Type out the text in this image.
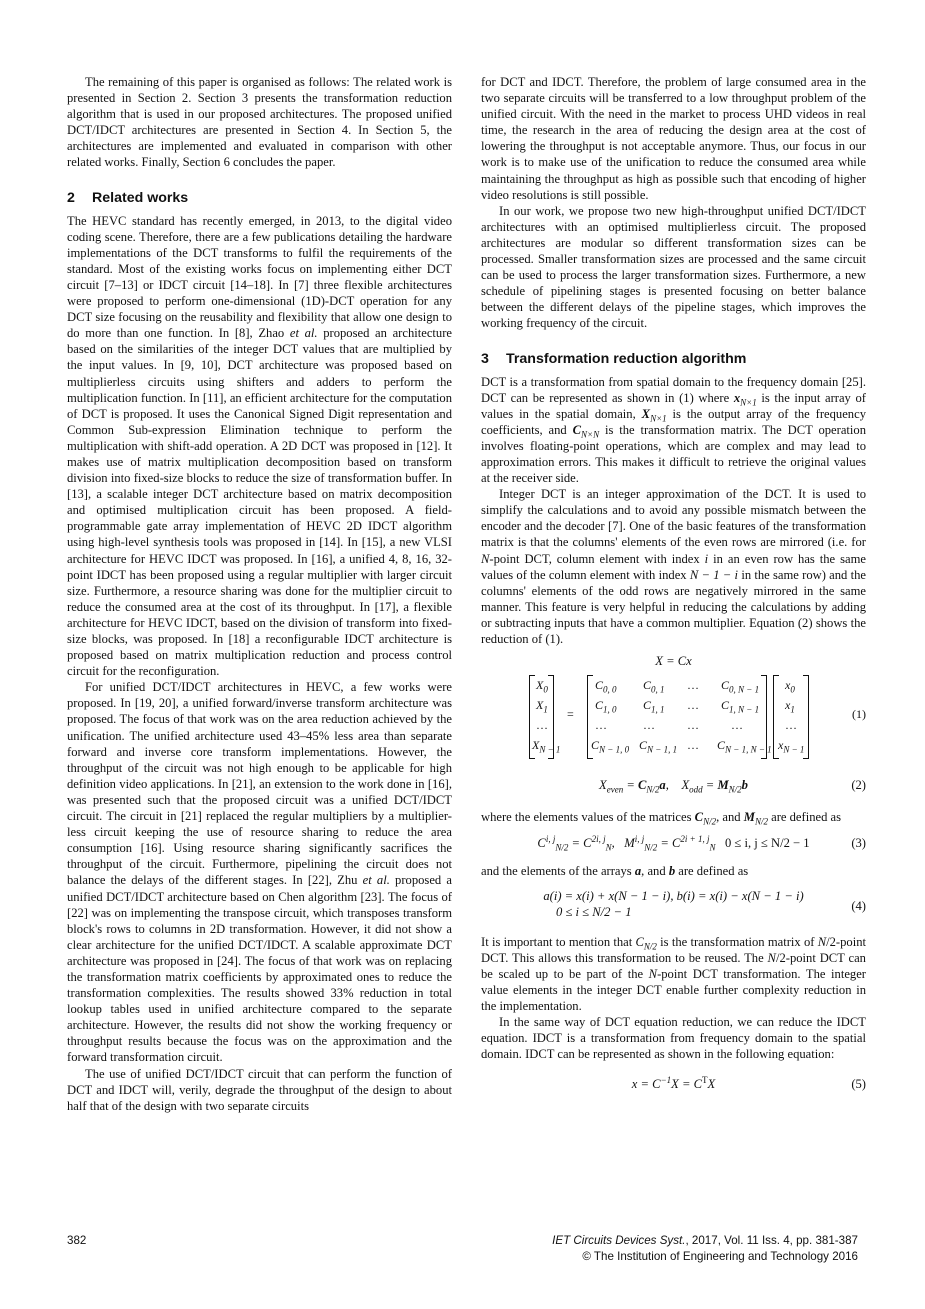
The remaining of this paper is organised as follows: The related work is presented in Section 2. Section 3 presents the transformation reduction algorithm that is used in our proposed architectures. The proposed unified DCT/IDCT architectures are presented in Section 4. In Section 5, the architectures are implemented and evaluated in comparison with other related works. Finally, Section 6 concludes the paper.

2 Related works

The HEVC standard has recently emerged, in 2013, to the digital video coding scene. Therefore, there are a few publications detailing the hardware implementations of the DCT transforms to fulfil the requirements of the standard. Most of the existing works focus on implementing either DCT circuit [7–13] or IDCT circuit [14–18]. In [7] three flexible architectures were proposed to perform one-dimensional (1D)-DCT operation for any DCT size focusing on the reusability and flexibility that allow one design to do more than one function. In [8], Zhao et al. proposed an architecture based on the similarities of the integer DCT values that are multiplied by the input values. In [9, 10], DCT architecture was proposed based on multiplierless circuits using shifters and adders to perform the multiplication function. In [11], an efficient architecture for the computation of DCT is proposed. It uses the Canonical Signed Digit representation and Common Sub-expression Elimination technique to perform the multiplication with shift-add operation. A 2D DCT was proposed in [12]. It makes use of matrix multiplication decomposition based on transform division into fixed-size blocks to reduce the size of transformation buffer. In [13], a scalable integer DCT architecture based on matrix decomposition and optimised multiplication circuit has been proposed. A field-programmable gate array implementation of HEVC 2D IDCT algorithm using high-level synthesis tools was proposed in [14]. In [15], a new VLSI architecture for HEVC IDCT was proposed. In [16], a unified 4, 8, 16, 32-point IDCT has been proposed using a regular multiplier with larger circuit size. Furthermore, a resource sharing was done for the multiplier circuit to reduce the consumed area at the cost of its throughput. In [17], a flexible architecture for HEVC IDCT, based on the division of transform into fixed-size blocks, was proposed. In [18] a reconfigurable IDCT architecture is proposed based on matrix multiplication reduction and process control circuit for the reconfiguration.

For unified DCT/IDCT architectures in HEVC, a few works were proposed. In [19, 20], a unified forward/inverse transform architecture was proposed. The focus of that work was on the area reduction achieved by the unification. The unified architecture used 43–45% less area than separate forward and inverse core transform implementations. However, the throughput of the circuit was not high enough to be applicable for high definition video applications. In [21], an extension to the work done in [16], was presented such that the proposed circuit was a unified DCT/IDCT circuit. The circuit in [21] replaced the regular multipliers by a multiplier-less circuit keeping the use of resource sharing to reduce the area consumption [16]. Using resource sharing significantly sacrifices the throughput of the circuit. Furthermore, pipelining the circuit does not balance the delays of the different stages. In [22], Zhu et al. proposed a unified DCT/IDCT architecture based on Chen algorithm [23]. The focus of [22] was on implementing the transpose circuit, which transposes transform block's rows to columns in 2D transformation. However, it did not show a clear architecture for the unified DCT/IDCT. A scalable approximate DCT architecture was proposed in [24]. The focus of that work was on replacing the transformation matrix coefficients by approximated ones to reduce the transformation complexities. The results showed 33% reduction in total lookup tables used in unified architecture compared to the separate architecture. However, the results did not show the working frequency or throughput results because the focus was on the approximation and the forward transformation circuit.

The use of unified DCT/IDCT circuit that can perform the function of DCT and IDCT will, verily, degrade the throughput of the design to about half that of the design with two separate circuits

for DCT and IDCT. Therefore, the problem of large consumed area in the two separate circuits will be transferred to a low throughput problem of the unified circuit. With the need in the market to process UHD videos in real time, the research in the area of reducing the design area at the cost of lowering the throughput is not acceptable anymore. Thus, our focus in our work is to make use of the unification to reduce the consumed area while maintaining the throughput as high as possible such that encoding of higher video resolutions is still possible.

In our work, we propose two new high-throughput unified DCT/IDCT architectures with an optimised multiplierless circuit. The proposed architectures are modular so different transformation sizes can be processed. Smaller transformation sizes are processed and the same circuit can be used to process the larger transformation sizes. Furthermore, a new schedule of pipelining stages is presented focusing on better balance between the different delays of the pipeline stages, which improves the working frequency of the circuit.

3 Transformation reduction algorithm

DCT is a transformation from spatial domain to the frequency domain [25]. DCT can be represented as shown in (1) where $x_{N\times 1}$ is the input array of values in the spatial domain, $X_{N\times 1}$ is the output array of the frequency coefficients, and $C_{N\times N}$ is the transformation matrix. The DCT operation involves floating-point operations, which are complex and may lead to approximation errors. This makes it difficult to retrieve the original values at the receiver side.

Integer DCT is an integer approximation of the DCT. It is used to simplify the calculations and to avoid any possible mismatch between the encoder and the decoder [7]. One of the basic features of the transformation matrix is that the columns' elements of the even rows are mirrored (i.e. for N-point DCT, column element with index i in an even row has the same values of the column element with index N − 1 − i in the same row) and the columns' elements of the odd rows are negatively mirrored in the same manner. This feature is very helpful in reducing the calculations by adding or subtracting inputs that have a common multiplier. Equation (2) shows the reduction of (1).

X = Cx
$X_0$
$X_1$
…
$X_{N - 1}$
=
$C_{0, 0}$ $C_{0, 1}$ … $C_{0, N - 1}$
$C_{1, 0}$ $C_{1, 1}$ … $C_{1, N - 1}$
…	…	…	…
$C_{N - 1, 0}$ $C_{N - 1, 1}$ … $C_{N - 1, N - 1}$
$x_0$
$x_1$
…
$x_{N - 1}$
(1)
$X_{even} = C_{N/2}a$,    $X_{odd} = M_{N/2}b$	(2)

where the elements values of the matrices $C_{N/2}$, and $M_{N/2}$ are defined as

$C^{i, j}_{N/2} = C^{2i, j}_N$,   $M^{i, j}_{N/2} = C^{2i + 1, j}_N$ 0 ≤ i, j ≤ N/2 − 1	(3)

and the elements of the arrays a, and b are defined as

a(i) = x(i) + x(N − 1 − i), b(i) = x(i) − x(N − 1 − i)
0 ≤ i ≤ N/2 − 1	(4)

It is important to mention that $C_{N/2}$ is the transformation matrix of N/2-point DCT. This allows this transformation to be reused. The N/2-point DCT can be scaled up to be part of the N-point DCT transformation. The integer value elements in the integer DCT enable further complexity reduction in the implementation.

In the same way of DCT equation reduction, we can reduce the IDCT equation. IDCT is a transformation from frequency domain to the spatial domain. IDCT can be represented as shown in the following equation:

$x = C^{-1}X = C^TX$	(5)
382	IET Circuits Devices Syst., 2017, Vol. 11 Iss. 4, pp. 381-387
© The Institution of Engineering and Technology 2016
